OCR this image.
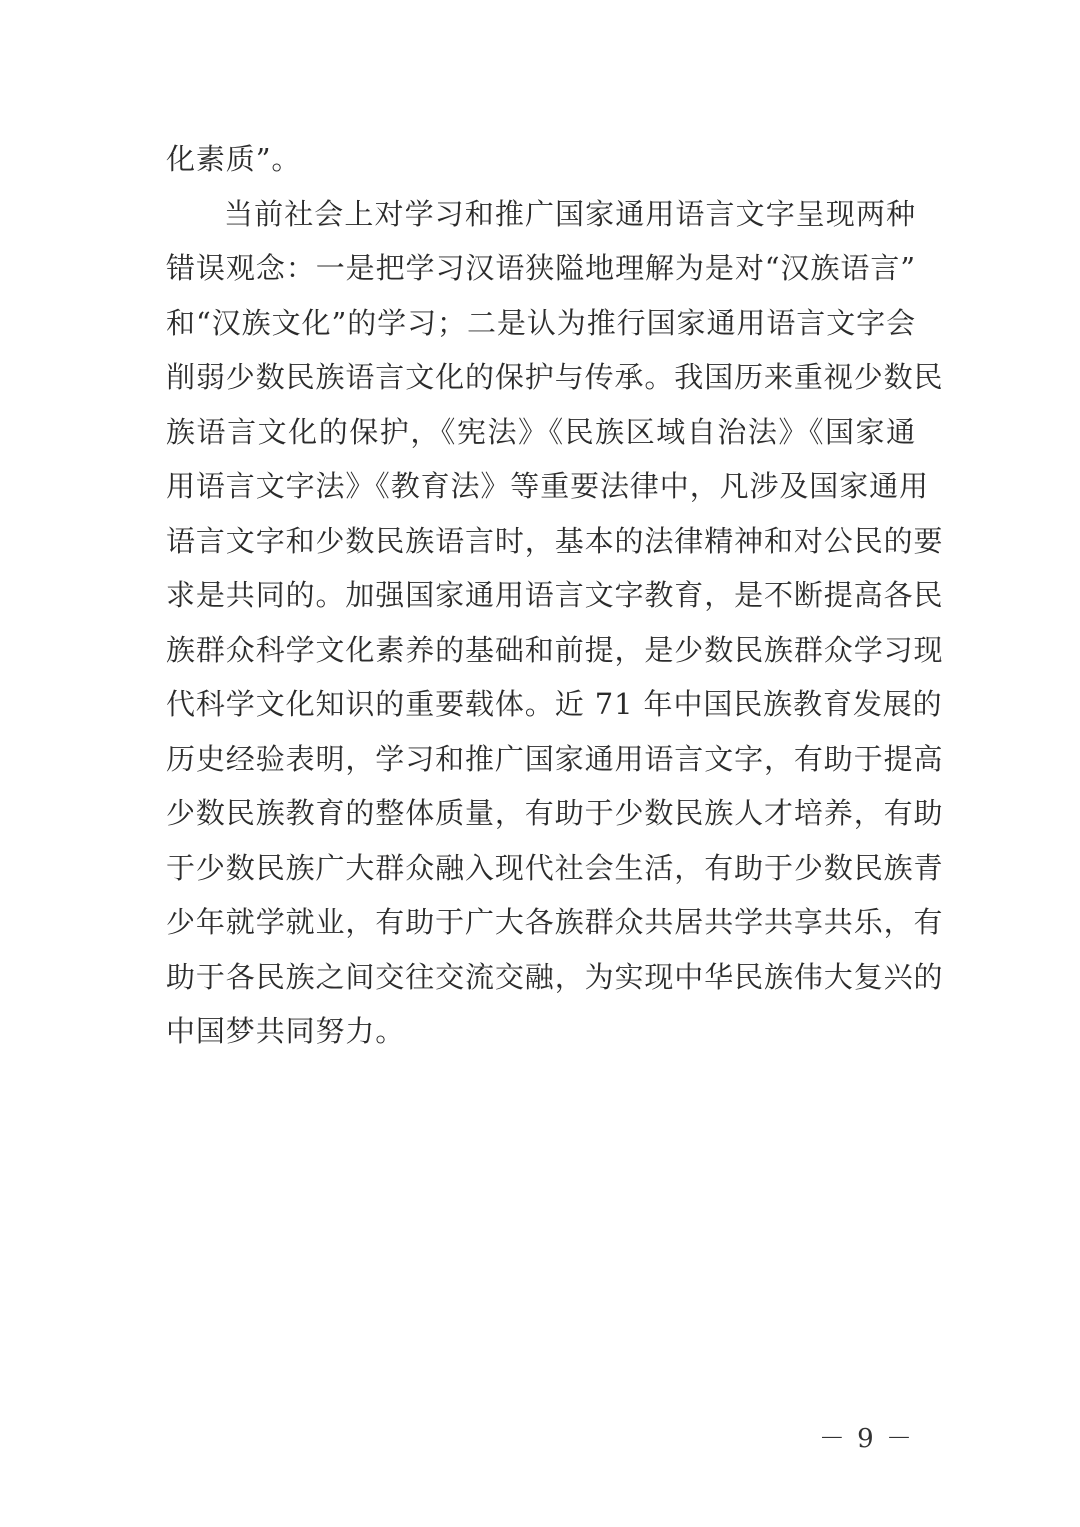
化素质”。
当前社会上对学习和推广国家通用语言文字呈现两种
错误观念：一是把学习汉语狭隘地理解为是对“汉族语言”
和“汉族文化”的学习；二是认为推行国家通用语言文字会
削弱少数民族语言文化的保护与传承。我国历来重视少数民
族语言文化的保护，《宪法》《民族区域自治法》《国家通
用语言文字法》《教育法》等重要法律中，凡涉及国家通用
语言文字和少数民族语言时，基本的法律精神和对公民的要
求是共同的。加强国家通用语言文字教育，是不断提高各民
族群众科学文化素养的基础和前提，是少数民族群众学习现
代科学文化知识的重要载体。近 71 年中国民族教育发展的
历史经验表明，学习和推广国家通用语言文字，有助于提高
少数民族教育的整体质量，有助于少数民族人才培养，有助
于少数民族广大群众融入现代社会生活，有助于少数民族青
少年就学就业，有助于广大各族群众共居共学共享共乐，有
助于各民族之间交往交流交融，为实现中华民族伟大复兴的
中国梦共同努力。
－ 9 －
